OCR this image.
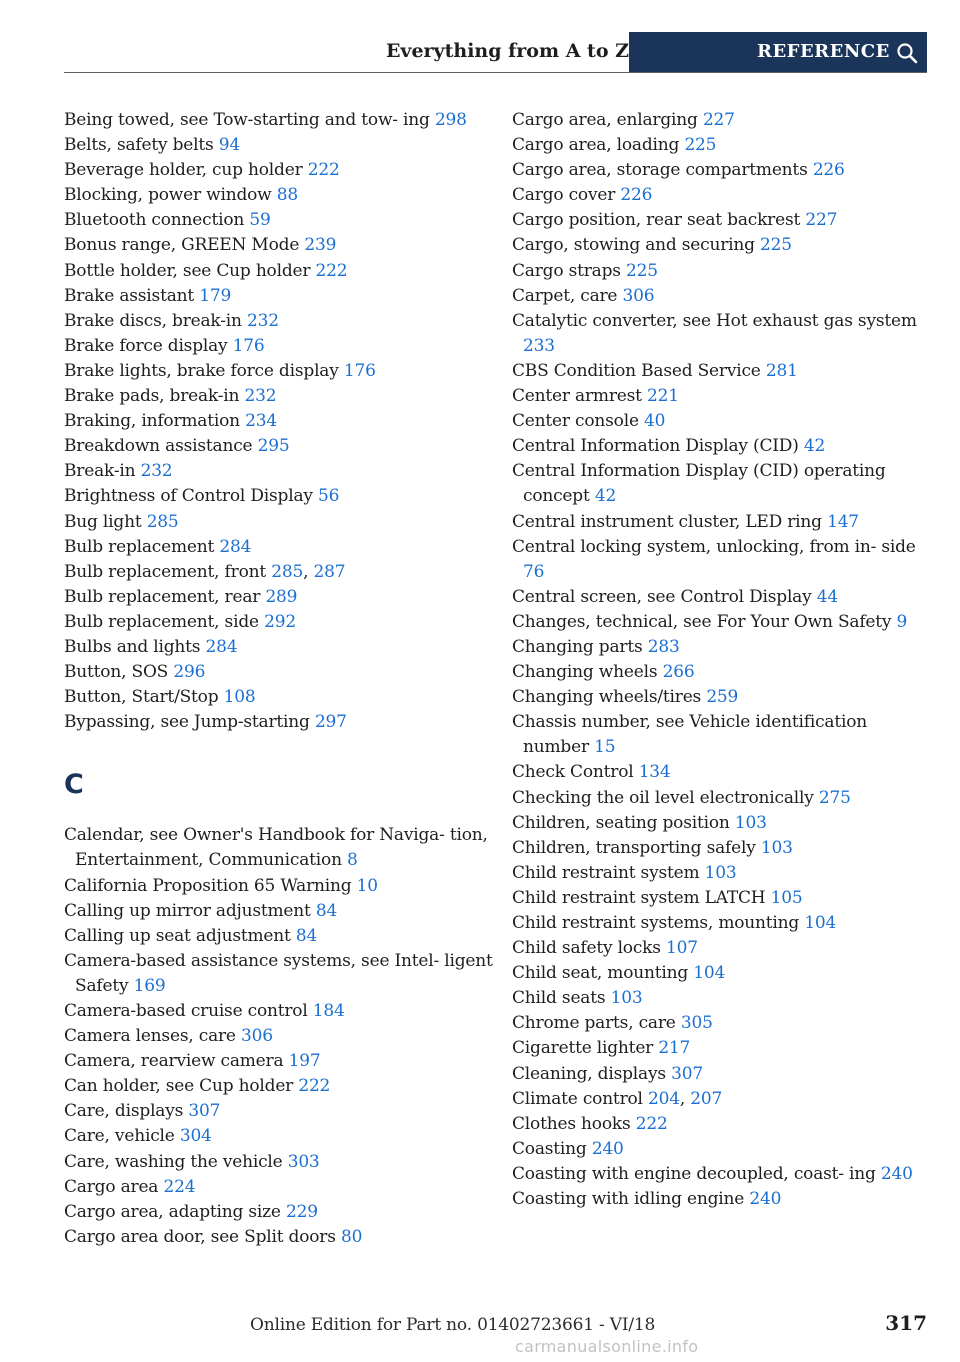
Everything from A to Z	REFERENCE
Being towed, see Tow-starting and tow‐ ing 298
Belts, safety belts 94
Beverage holder, cup holder 222
Blocking, power window 88
Bluetooth connection 59
Bonus range, GREEN Mode 239
Bottle holder, see Cup holder 222
Brake assistant 179
Brake discs, break-in 232
Brake force display 176
Brake lights, brake force display 176
Brake pads, break-in 232
Braking, information 234
Breakdown assistance 295
Break-in 232
Brightness of Control Display 56
Bug light 285
Bulb replacement 284
Bulb replacement, front 285, 287
Bulb replacement, rear 289
Bulb replacement, side 292
Bulbs and lights 284
Button, SOS 296
Button, Start/Stop 108
Bypassing, see Jump-starting 297
C
Calendar, see Owner's Handbook for Naviga‐ tion, Entertainment, Communication 8
California Proposition 65 Warning 10
Calling up mirror adjustment 84
Calling up seat adjustment 84
Camera-based assistance systems, see Intel‐ ligent Safety 169
Camera-based cruise control 184
Camera lenses, care 306
Camera, rearview camera 197
Can holder, see Cup holder 222
Care, displays 307
Care, vehicle 304
Care, washing the vehicle 303
Cargo area 224
Cargo area, adapting size 229
Cargo area door, see Split doors 80
Cargo area, enlarging 227
Cargo area, loading 225
Cargo area, storage compartments 226
Cargo cover 226
Cargo position, rear seat backrest 227
Cargo, stowing and securing 225
Cargo straps 225
Carpet, care 306
Catalytic converter, see Hot exhaust gas system 233
CBS Condition Based Service 281
Center armrest 221
Center console 40
Central Information Display (CID) 42
Central Information Display (CID) operating concept 42
Central instrument cluster, LED ring 147
Central locking system, unlocking, from in‐ side 76
Central screen, see Control Display 44
Changes, technical, see For Your Own Safety 9
Changing parts 283
Changing wheels 266
Changing wheels/tires 259
Chassis number, see Vehicle identification number 15
Check Control 134
Checking the oil level electronically 275
Children, seating position 103
Children, transporting safely 103
Child restraint system 103
Child restraint system LATCH 105
Child restraint systems, mounting 104
Child safety locks 107
Child seat, mounting 104
Child seats 103
Chrome parts, care 305
Cigarette lighter 217
Cleaning, displays 307
Climate control 204, 207
Clothes hooks 222
Coasting 240
Coasting with engine decoupled, coast‐ ing 240
Coasting with idling engine 240
Online Edition for Part no. 01402723661 - VI/18	317
carmanualsonline.info
